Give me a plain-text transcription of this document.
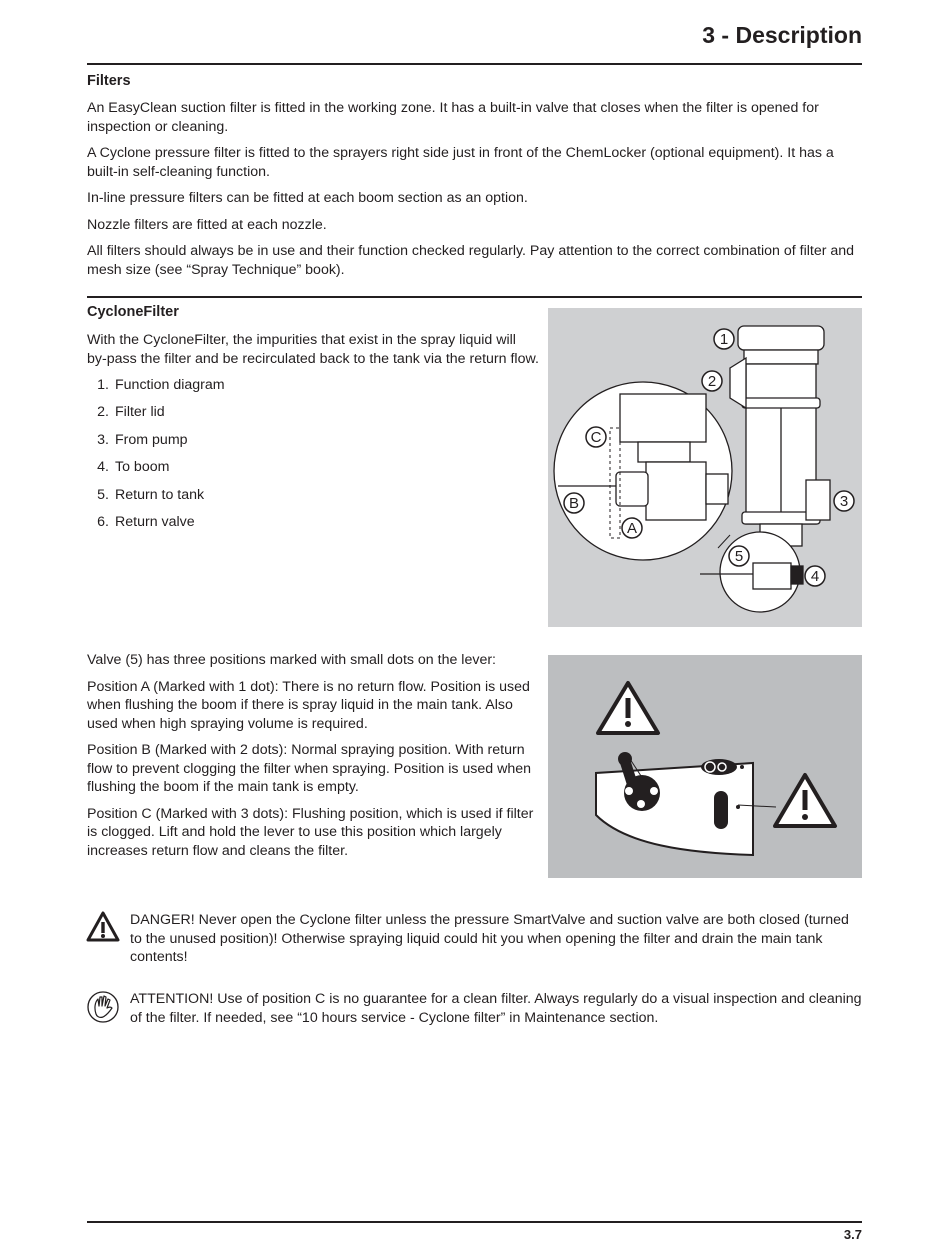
3 - Description
Filters

An EasyClean suction filter is fitted in the working zone. It has a built-in valve that closes when the filter is opened for inspection or cleaning.

A Cyclone pressure filter is fitted to the sprayers right side just in front of the ChemLocker (optional equipment). It has a built-in self-cleaning function.

In-line pressure filters can be fitted at each boom section as an option.

Nozzle filters are fitted at each nozzle.

All filters should always be in use and their function checked regularly. Pay attention to the correct combination of filter and mesh size (see “Spray Technique” book).

CycloneFilter

With the CycloneFilter, the impurities that exist in the spray liquid will by-pass the filter and be recirculated back to the tank via the return flow.

1. Function diagram
2. Filter lid
3. From pump
4. To boom
5. Return to tank
6. Return valve
1
2
3
4
5
C
B
A

Valve (5) has three positions marked with small dots on the lever:

Position A (Marked with 1 dot): There is no return flow. Position is used when flushing the boom if there is spray liquid in the main tank. Also used when high spraying volume is required.

Position B (Marked with 2 dots): Normal spraying position. With return flow to prevent clogging the filter when spraying. Position is used when flushing the boom if the main tank is empty.

Position C (Marked with 3 dots): Flushing position, which is used if filter is clogged. Lift and hold the lever to use this position which largely increases return flow and cleans the filter.

DANGER! Never open the Cyclone filter unless the pressure SmartValve and suction valve are both closed (turned to the unused position)! Otherwise spraying liquid could hit you when opening the filter and drain the main tank contents!

ATTENTION! Use of position C is no guarantee for a clean filter. Always regularly do a visual inspection and cleaning of the filter. If needed, see “10 hours service - Cyclone filter” in Maintenance section.

3.7
